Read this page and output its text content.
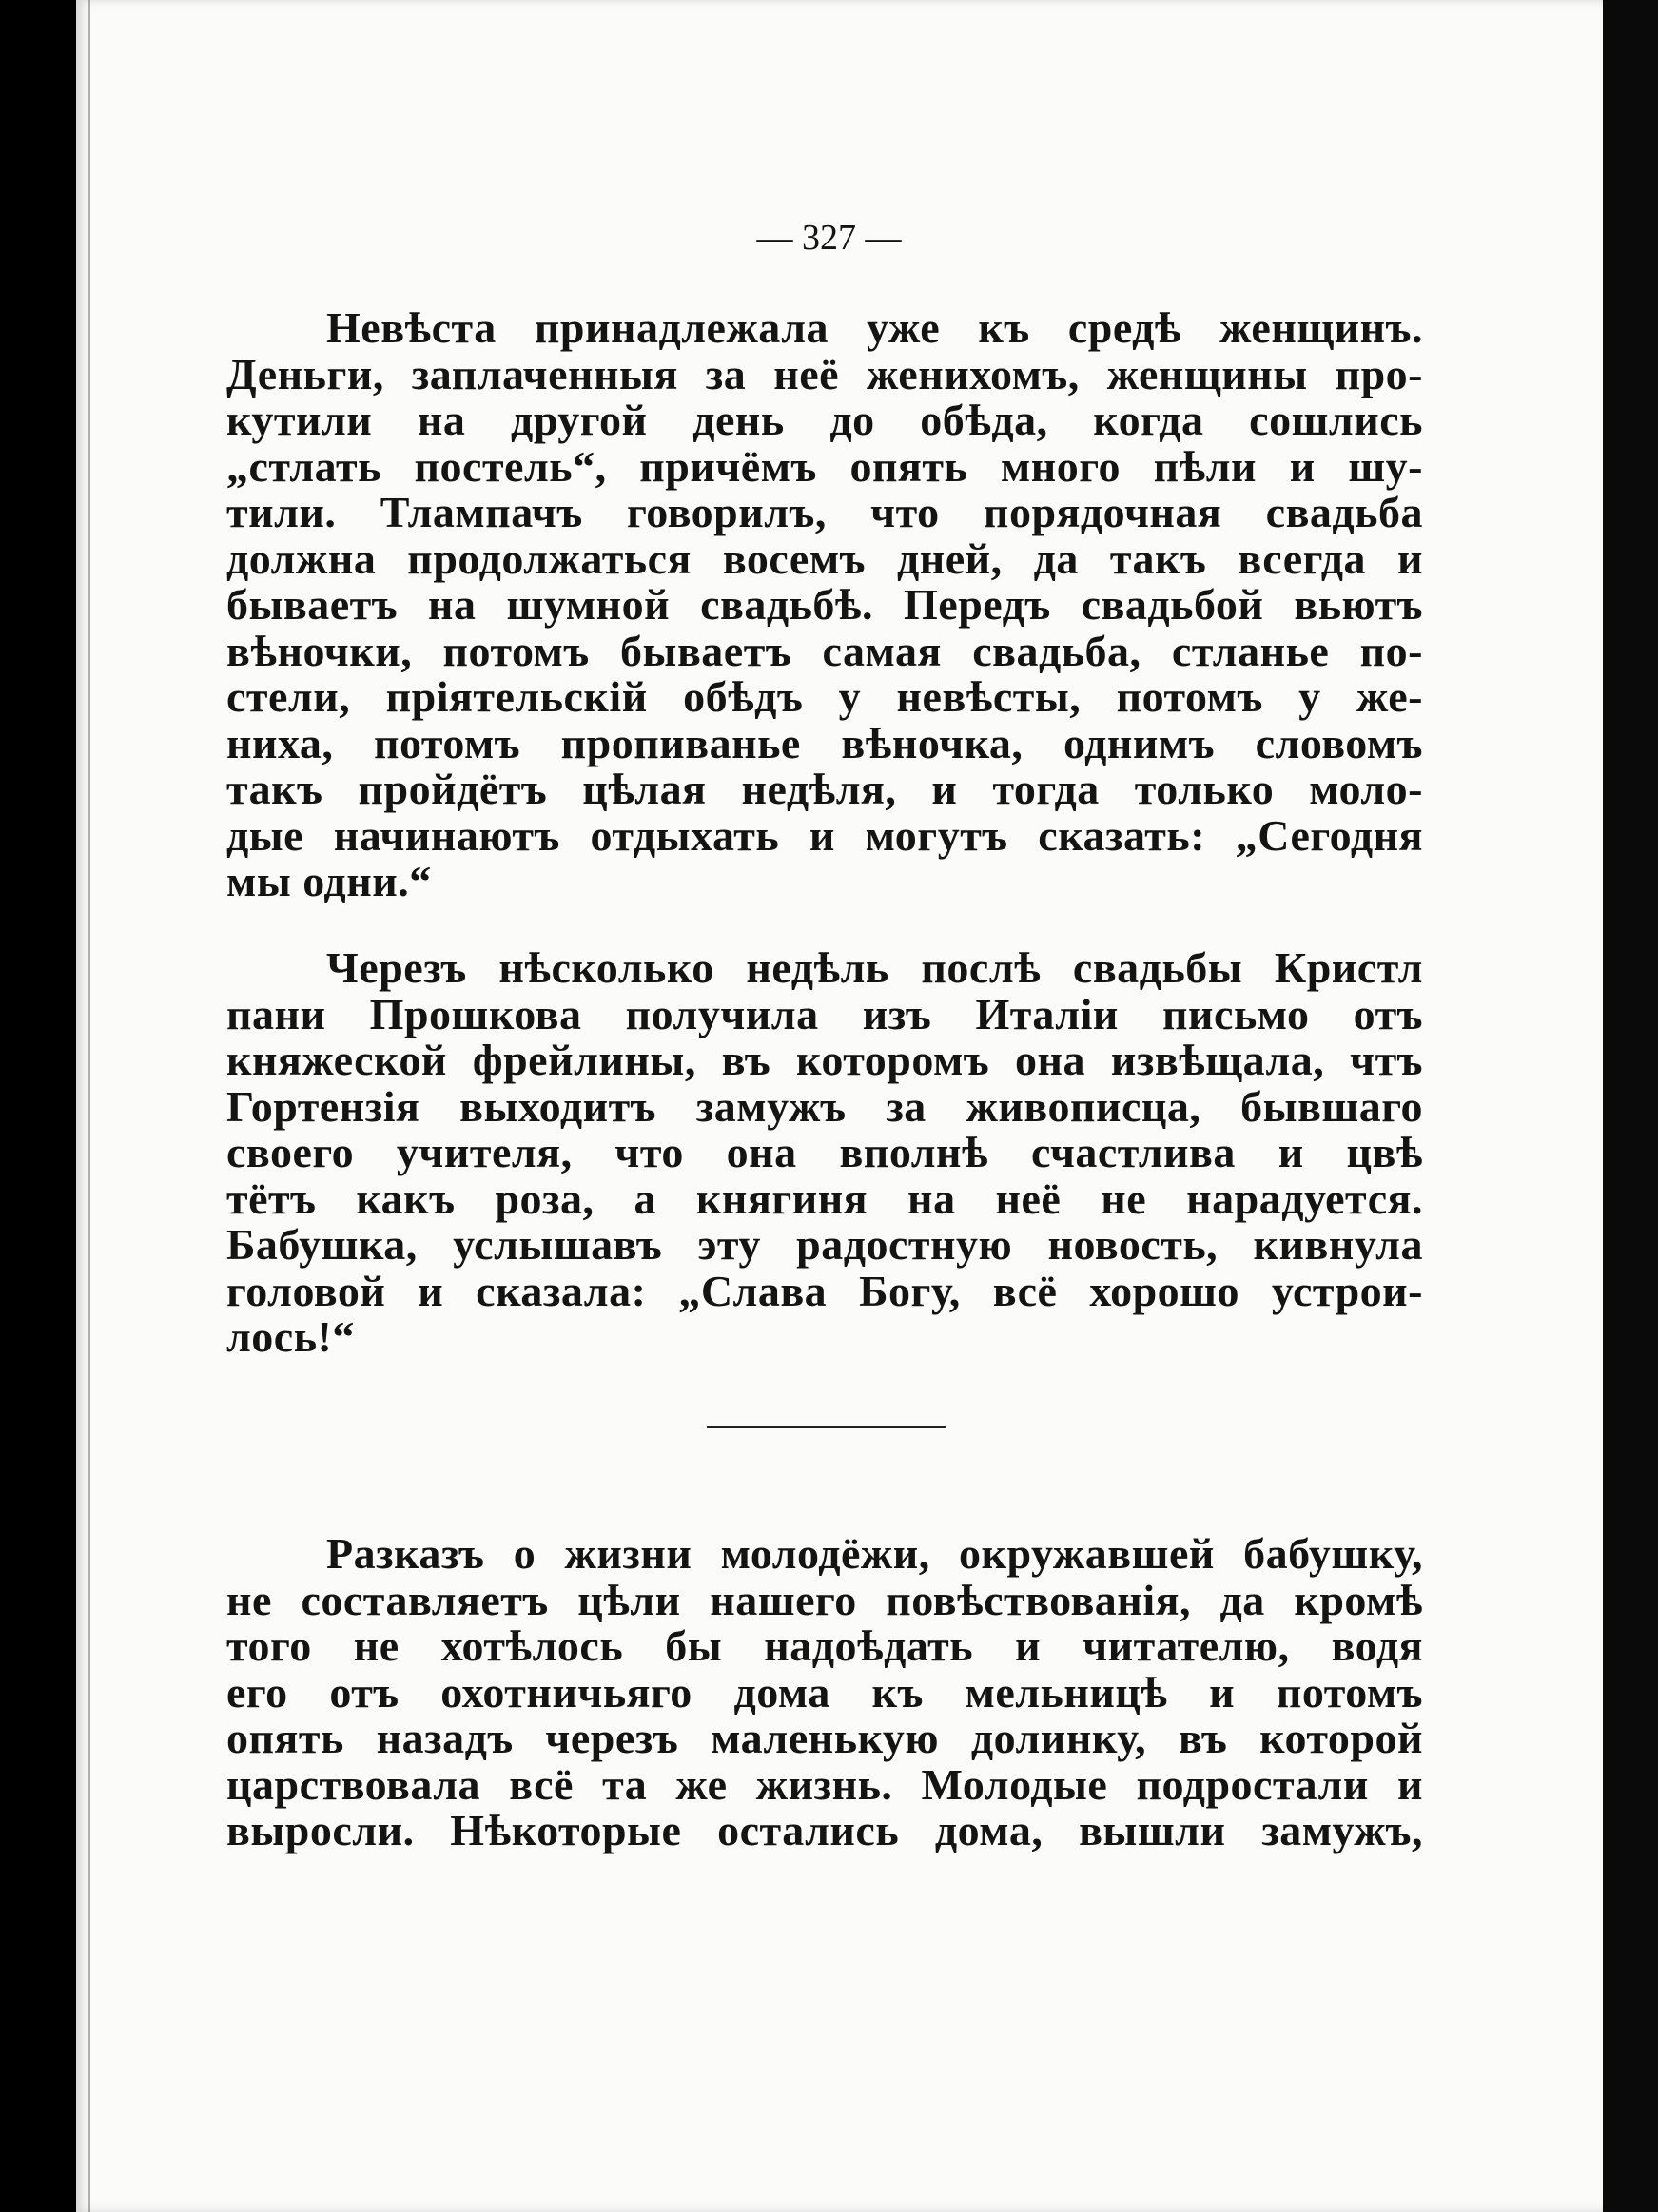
— 327 —
Невѣста принадлежала уже къ средѣ женщинъ.
Деньги, заплаченныя за неё женихомъ, женщины про-
кутили на другой день до обѣда, когда сошлись
„стлать постель“, причёмъ опять много пѣли и шу-
тили. Тлампачъ говорилъ, что порядочная свадьба
должна продолжаться восемъ дней, да такъ всегда и
бываетъ на шумной свадьбѣ. Передъ свадьбой вьютъ
вѣночки, потомъ бываетъ самая свадьба, стланье по-
стели, пріятельскій обѣдъ у невѣсты, потомъ у же-
ниха, потомъ пропиванье вѣночка, однимъ словомъ
такъ пройдётъ цѣлая недѣля, и тогда только моло-
дые начинаютъ отдыхать и могутъ сказать: „Сегодня
мы одни.“
Черезъ нѣсколько недѣль послѣ свадьбы Кристл
пани Прошкова получила изъ Италіи письмо отъ
княжеской фрейлины, въ которомъ она извѣщала, чтъ
Гортензія выходитъ замужъ за живописца, бывшаго
своего учителя, что она вполнѣ счастлива и цвѣ
тётъ какъ роза, а княгиня на неё не нарадуется.
Бабушка, услышавъ эту радостную новость, кивнула
головой и сказала: „Слава Богу, всё хорошо устрои-
лось!“
Разказъ о жизни молодёжи, окружавшей бабушку,
не составляетъ цѣли нашего повѣствованія, да кромѣ
того не хотѣлось бы надоѣдать и читателю, водя
его отъ охотничьяго дома къ мельницѣ и потомъ
опять назадъ черезъ маленькую долинку, въ которой
царствовала всё та же жизнь. Молодые подростали и
выросли. Нѣкоторые остались дома, вышли замужъ,
